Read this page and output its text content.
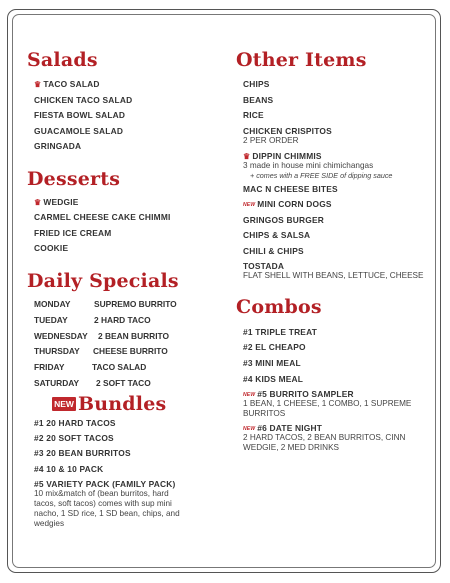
Salads
♛ TACO SALAD
CHICKEN TACO SALAD
FIESTA BOWL SALAD
GUACAMOLE SALAD
GRINGADA
Desserts
♛ WEDGIE
CARMEL CHEESE CAKE CHIMMI
FRIED ICE CREAM
COOKIE
Daily Specials
MONDAY	SUPREMO BURRITO
TUEDAY	2 HARD TACO
WEDNESDAY 2 BEAN BURRITO
THURSDAY CHEESE BURRITO
FRIDAY	TACO SALAD
SATURDAY 2 SOFT TACO
NEW Bundles
#1 20 HARD TACOS
#2 20 SOFT TACOS
#3 20 BEAN BURRITOS
#4 10 & 10 PACK
#5 VARIETY PACK (FAMILY PACK)
10 mix&match of (bean burritos, hard
tacos, soft tacos) comes with sup mini
nacho, 1 SD rice, 1 SD bean, chips, and
wedgies
Other Items
CHIPS
BEANS
RICE
CHICKEN CRISPITOS
2 PER ORDER
♛ DIPPIN CHIMMIS
3 made in house mini chimichangas
+ comes with a FREE SIDE of dipping sauce
MAC N CHEESE BITES
NEW MINI CORN DOGS
GRINGOS BURGER
CHIPS & SALSA
CHILI & CHIPS
TOSTADA
FLAT SHELL WITH BEANS, LETTUCE, CHEESE
Combos
#1 TRIPLE TREAT
#2 EL CHEAPO
#3 MINI MEAL
#4 KIDS MEAL
NEW #5 BURRITO SAMPLER
1 BEAN, 1 CHEESE, 1 COMBO, 1 SUPREME
BURRITOS
NEW #6 DATE NIGHT
2 HARD TACOS, 2 BEAN BURRITOS, CINN
WEDGIE, 2 MED DRINKS
